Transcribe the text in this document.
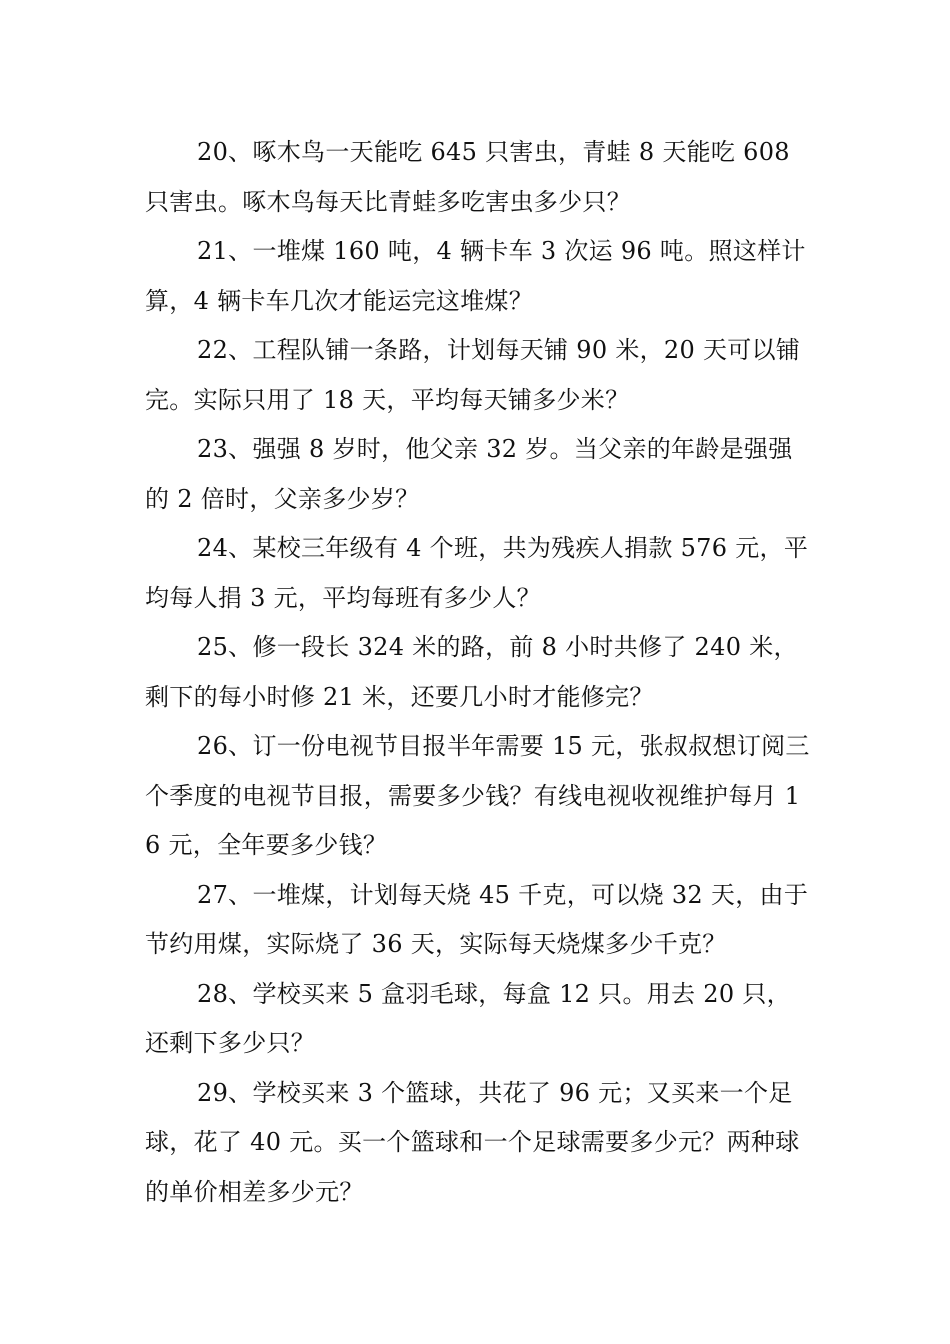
20、啄木鸟一天能吃 645 只害虫，青蛙 8 天能吃 608 只害虫。啄木鸟每天比青蛙多吃害虫多少只？

21、一堆煤 160 吨，4 辆卡车 3 次运 96 吨。照这样计算，4 辆卡车几次才能运完这堆煤？

22、工程队铺一条路，计划每天铺 90 米，20 天可以铺完。实际只用了 18 天，平均每天铺多少米？

23、强强 8 岁时，他父亲 32 岁。当父亲的年龄是强强的 2 倍时，父亲多少岁？

24、某校三年级有 4 个班，共为残疾人捐款 576 元，平均每人捐 3 元，平均每班有多少人？

25、修一段长 324 米的路，前 8 小时共修了 240 米，剩下的每小时修 21 米，还要几小时才能修完？

26、订一份电视节目报半年需要 15 元，张叔叔想订阅三个季度的电视节目报，需要多少钱？有线电视收视维护每月 16 元，全年要多少钱？

27、一堆煤，计划每天烧 45 千克，可以烧 32 天，由于节约用煤，实际烧了 36 天，实际每天烧煤多少千克？

28、学校买来 5 盒羽毛球，每盒 12 只。用去 20 只，还剩下多少只？

29、学校买来 3 个篮球，共花了 96 元；又买来一个足球，花了 40 元。买一个篮球和一个足球需要多少元？两种球的单价相差多少元？
